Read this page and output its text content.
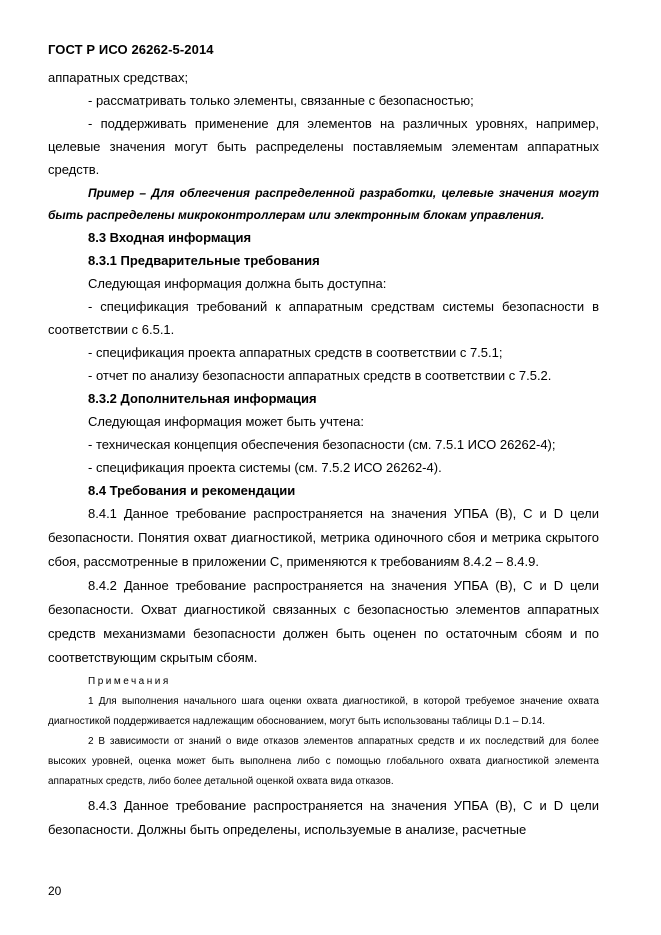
ГОСТ Р ИСО 26262-5-2014

аппаратных средствах;

- рассматривать только элементы, связанные с безопасностью;

- поддерживать применение для элементов на различных уровнях, например, целевые значения могут быть распределены поставляемым элементам аппаратных средств.

Пример – Для облегчения распределенной разработки, целевые значения могут быть распределены микроконтроллерам или электронным блокам управления.

8.3 Входная информация

8.3.1 Предварительные требования

Следующая информация должна быть доступна:

- спецификация требований к аппаратным средствам системы безопасности в соответствии с 6.5.1.

- спецификация проекта аппаратных средств в соответствии с 7.5.1;

- отчет по анализу безопасности аппаратных средств в соответствии с 7.5.2.

8.3.2 Дополнительная информация

Следующая информация может быть учтена:

- техническая концепция обеспечения безопасности (см. 7.5.1 ИСО 26262-4);

- спецификация проекта системы (см. 7.5.2 ИСО 26262-4).

8.4 Требования и рекомендации

8.4.1 Данное требование распространяется на значения УПБА (В), С и D цели безопасности. Понятия охват диагностикой, метрика одиночного сбоя и метрика скрытого сбоя, рассмотренные в приложении С, применяются к требованиям 8.4.2 – 8.4.9.

8.4.2 Данное требование распространяется на значения УПБА (В), С и D цели безопасности. Охват диагностикой связанных с безопасностью элементов аппаратных средств механизмами безопасности должен быть оценен по остаточным сбоям и по соответствующим скрытым сбоям.

Примечания

1 Для выполнения начального шага оценки охвата диагностикой, в которой требуемое значение охвата диагностикой поддерживается надлежащим обоснованием, могут быть использованы таблицы D.1 – D.14.

2 В зависимости от знаний о виде отказов элементов аппаратных средств и их последствий для более высоких уровней, оценка может быть выполнена либо с помощью глобального охвата диагностикой элемента аппаратных средств, либо более детальной оценкой охвата вида отказов.

8.4.3 Данное требование распространяется на значения УПБА (В), С и D цели безопасности. Должны быть определены, используемые в анализе, расчетные

20
